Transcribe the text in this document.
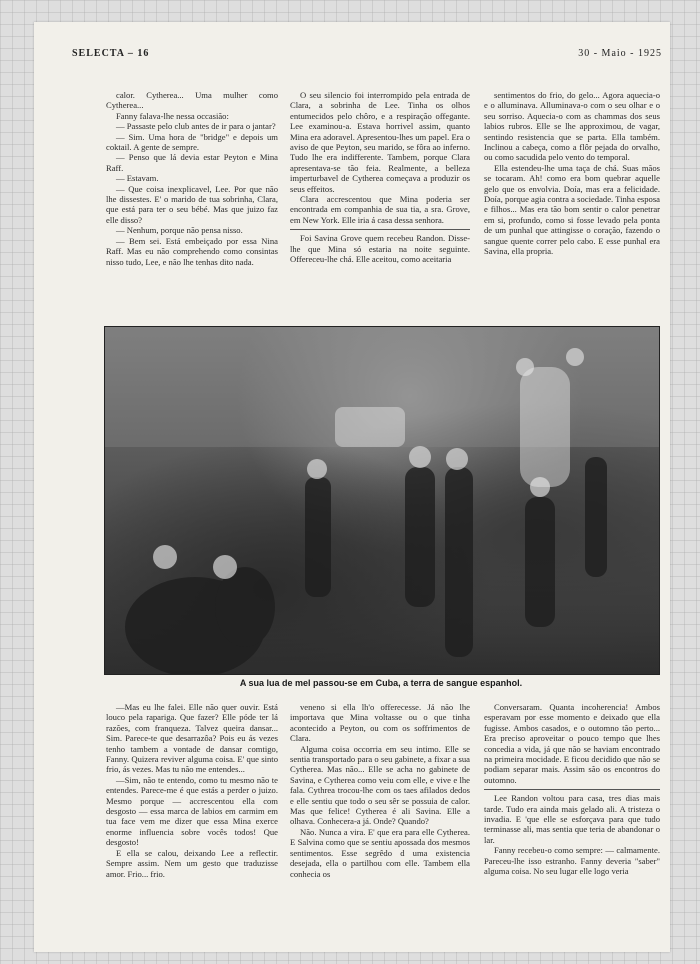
SELECTA – 16	30 - Maio - 1925

calor. Cytherea... Uma mulher como Cytherea...

Fanny falava-lhe nessa occasião:

— Passaste pelo club antes de ir para o jantar?

— Sim. Uma hora de "bridge" e depois um coktail. A gente de sempre.

— Penso que lá devia estar Peyton e Mina Raff.

— Estavam.

— Que coisa inexplicavel, Lee. Por que não lhe dissestes. E' o marido de tua sobrinha, Clara, que está para ter o seu bébé. Mas que juizo faz elle disso?

— Nenhum, porque não pensa nisso.

— Bem sei. Está embeiçado por essa Nina Raff. Mas eu não comprehendo como consintas nisso tudo, Lee, e não lhe tenhas dito nada.

O seu silencio foi interrompido pela entrada de Clara, a sobrinha de Lee. Tinha os olhos entumecidos pelo chôro, e a respiração offegante. Lee examinou-a. Estava horrivel assim, quanto Mina era adoravel. Apresentou-lhes um papel. Era o aviso de que Peyton, seu marido, se fôra ao inferno. Tudo lhe era indifferente. Tambem, porque Clara apresentava-se tão feia. Realmente, a belleza imperturbavel de Cytherea começava a produzir os seus effeitos.

Clara accrescentou que Mina poderia ser encontrada em companhia de sua tia, a sra. Grove, em New York. Elle iria á casa dessa senhora.

Foi Savina Grove quem recebeu Randon. Disse-lhe que Mina só estaria na noite seguinte. Offereceu-lhe chá. Elle aceitou, como aceitaria

sentimentos do frio, do gelo... Agora aquecia-o e o alluminava. Alluminava-o com o seu olhar e o seu sorriso. Aquecia-o com as chammas dos seus labios rubros. Elle se lhe approximou, de vagar, sentindo resistencia que se parta. Ella também. Inclinou a cabeça, como a flôr pejada do orvalho, ou como sacudida pelo vento do temporal.

Ella estendeu-lhe uma taça de chá. Suas mãos se tocaram. Ah! como era bom quebrar aquelle gelo que os envolvia. Doía, mas era a felicidade. Doía, porque agia contra a sociedade. Tinha esposa e filhos... Mas era tão bom sentir o calor penetrar em si, profundo, como si fosse levado pela ponta de um punhal que attingisse o coração, fazendo o sangue quente correr pelo cabo. E esse punhal era Savina, ella propria.

A sua lua de mel passou-se em Cuba, a terra de sangue espanhol.

—Mas eu lhe falei. Elle não quer ouvir. Está louco pela rapariga. Que fazer? Elle póde ter lá razões, com franqueza. Talvez queira dansar... Sim. Parece-te que desarrazôa? Pois eu ás vezes tenho tambem a vontade de dansar comtigo, Fanny. Quizera reviver alguma coisa. E' que sinto frio, ás vezes. Mas tu não me entendes...

—Sim, não te entendo, como tu mesmo não te entendes. Parece-me é que estás a perder o juizo. Mesmo porque — accrescentou ella com desgosto — essa marca de labios em carmim em tua face vem me dizer que essa Mina exerce enorme influencia sobre vocês todos! Que desgosto!

E ella se calou, deixando Lee a reflectir. Sempre assim. Nem um gesto que traduzisse amor. Frio... frio.

veneno si ella lh'o offerecesse. Já não lhe importava que Mina voltasse ou o que tinha acontecido a Peyton, ou com os soffrimentos de Clara.

Alguma coisa occorria em seu intimo. Elle se sentia transportado para o seu gabinete, a fixar a sua Cytherea. Mas não... Elle se acha no gabinete de Savina, e Cytherea como veiu com elle, e vive e lhe fala. Cythrea trocou-lhe com os taes afilados dedos e elle sentiu que todo o seu sêr se possuia de calor. Mas que felice! Cytherea é ali Savina. Elle a olhava. Conhecera-a já. Onde? Quando?

Não. Nunca a vira. E' que era para elle Cytherea. E Salvina como que se sentiu apossada dos mesmos sentimentos. Esse segrêdo d uma existencia desejada, ella o partilhou com elle. Tambem ella conhecia os

Conversaram. Quanta incoherencia! Ambos esperavam por esse momento e deixado que ella fugisse. Ambos casados, e o outomno tão perto... Era preciso aproveitar o pouco tempo que lhes concedia a vida, já que não se haviam encontrado na primeira mocidade. E ficou decidido que não se podiam separar mais. Assim são os encontros do outomno.

Lee Randon voltou para casa, tres dias mais tarde. Tudo era ainda mais gelado ali. A tristeza o invadia. E 'que elle se esforçava para que tudo terminasse ali, mas sentia que teria de abandonar o lar.

Fanny recebeu-o como sempre: — calmamente. Pareceu-lhe isso estranho. Fanny deveria "saber" alguma coisa. No seu lugar elle logo veria
